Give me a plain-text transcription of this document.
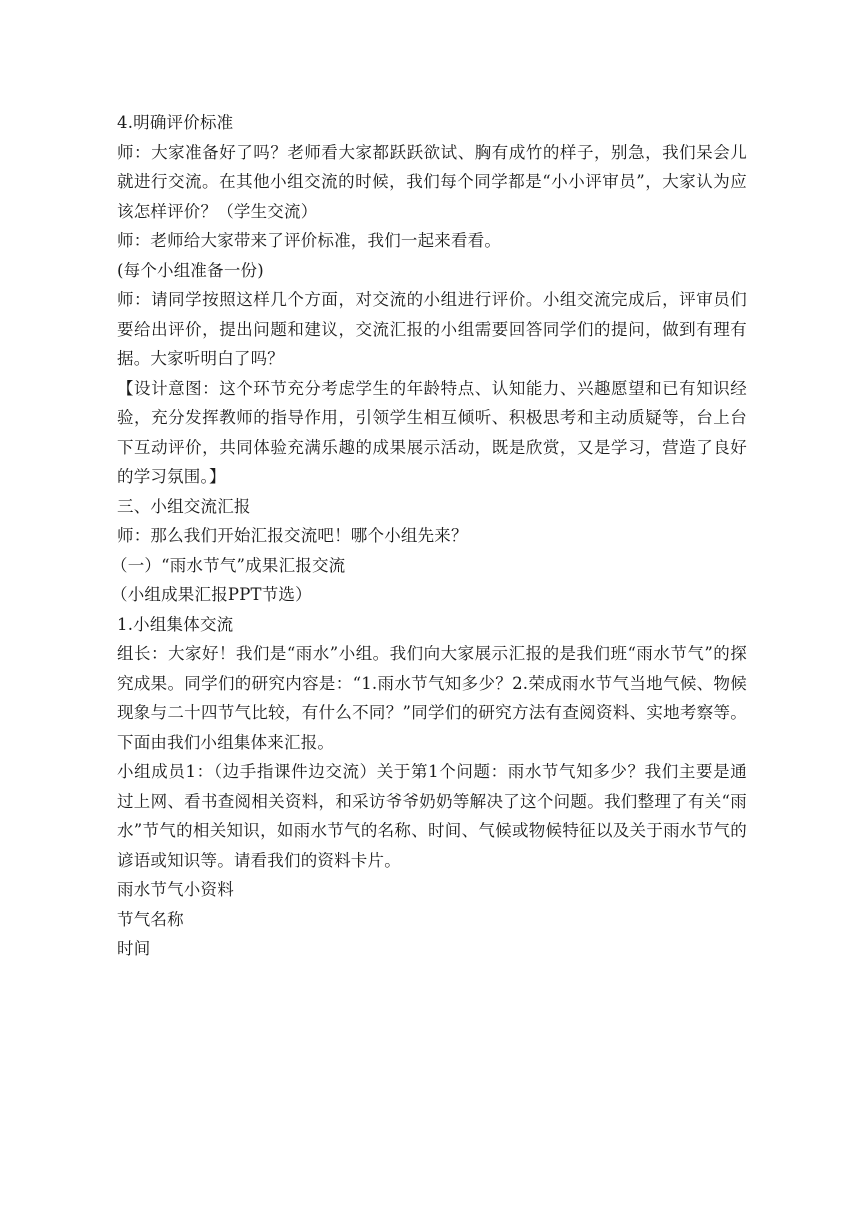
4.明确评价标准

师：大家准备好了吗？老师看大家都跃跃欲试、胸有成竹的样子，别急，我们呆会儿就进行交流。在其他小组交流的时候，我们每个同学都是“小小评审员”，大家认为应该怎样评价？（学生交流）

师：老师给大家带来了评价标准，我们一起来看看。

(每个小组准备一份)

师：请同学按照这样几个方面，对交流的小组进行评价。小组交流完成后，评审员们要给出评价，提出问题和建议，交流汇报的小组需要回答同学们的提问，做到有理有据。大家听明白了吗？

【设计意图：这个环节充分考虑学生的年龄特点、认知能力、兴趣愿望和已有知识经验，充分发挥教师的指导作用，引领学生相互倾听、积极思考和主动质疑等，台上台下互动评价，共同体验充满乐趣的成果展示活动，既是欣赏，又是学习，营造了良好的学习氛围。】

三、小组交流汇报

师：那么我们开始汇报交流吧！哪个小组先来？

（一）“雨水节气”成果汇报交流

（小组成果汇报PPT节选）

1.小组集体交流

组长：大家好！我们是“雨水”小组。我们向大家展示汇报的是我们班“雨水节气”的探究成果。同学们的研究内容是：“1.雨水节气知多少？2.荣成雨水节气当地气候、物候现象与二十四节气比较，有什么不同？”同学们的研究方法有查阅资料、实地考察等。下面由我们小组集体来汇报。

小组成员1：（边手指课件边交流）关于第1个问题：雨水节气知多少？我们主要是通过上网、看书查阅相关资料，和采访爷爷奶奶等解决了这个问题。我们整理了有关“雨水”节气的相关知识，如雨水节气的名称、时间、气候或物候特征以及关于雨水节气的谚语或知识等。请看我们的资料卡片。

雨水节气小资料

节气名称

时间
